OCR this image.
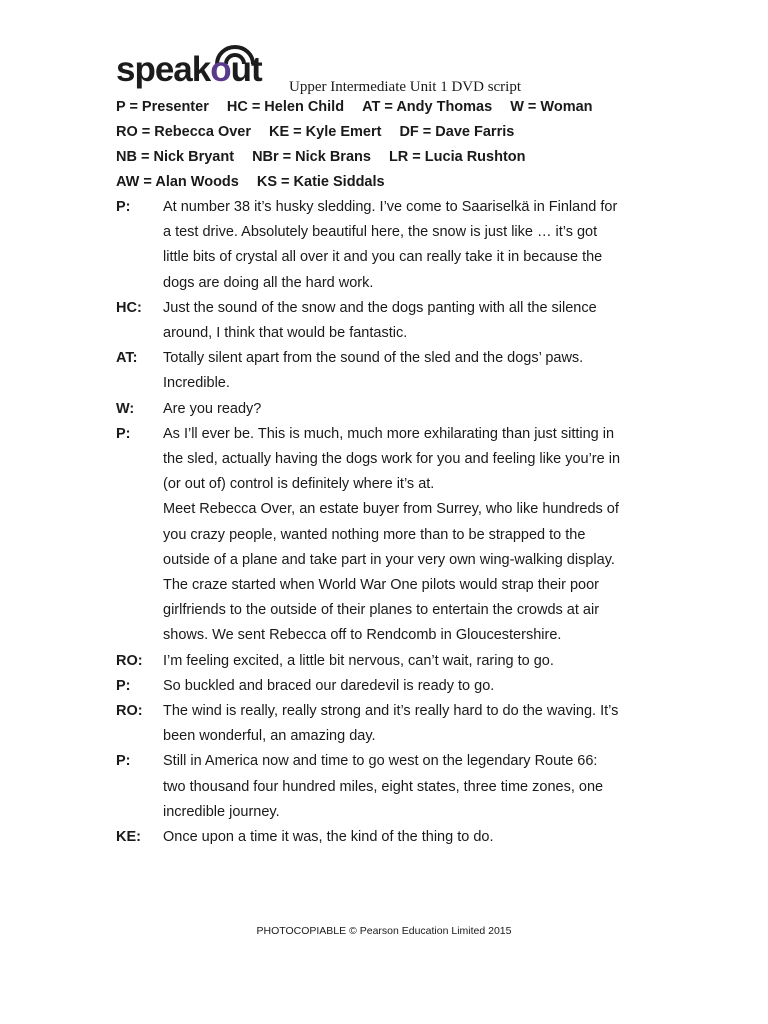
speakout Upper Intermediate Unit 1 DVD script
P = Presenter HC = Helen Child AT = Andy Thomas W = Woman
RO = Rebecca Over KE = Kyle Emert DF = Dave Farris
NB = Nick Bryant NBr = Nick Brans LR = Lucia Rushton
AW = Alan Woods KS = Katie Siddals
P:	At number 38 it’s husky sledding. I’ve come to Saariselkä in Finland for
a test drive. Absolutely beautiful here, the snow is just like … it’s got
little bits of crystal all over it and you can really take it in because the
dogs are doing all the hard work.
HC:	Just the sound of the snow and the dogs panting with all the silence
around, I think that would be fantastic.
AT:	Totally silent apart from the sound of the sled and the dogs’ paws.
Incredible.
W:	Are you ready?
P:	As I’ll ever be. This is much, much more exhilarating than just sitting in
the sled, actually having the dogs work for you and feeling like you’re in
(or out of) control is definitely where it’s at.
Meet Rebecca Over, an estate buyer from Surrey, who like hundreds of
you crazy people, wanted nothing more than to be strapped to the
outside of a plane and take part in your very own wing-walking display.
The craze started when World War One pilots would strap their poor
girlfriends to the outside of their planes to entertain the crowds at air
shows. We sent Rebecca off to Rendcomb in Gloucestershire.
RO:	I’m feeling excited, a little bit nervous, can’t wait, raring to go.
P:	So buckled and braced our daredevil is ready to go.
RO:	The wind is really, really strong and it’s really hard to do the waving. It’s
been wonderful, an amazing day.
P:	Still in America now and time to go west on the legendary Route 66:
two thousand four hundred miles, eight states, three time zones, one
incredible journey.
KE:	Once upon a time it was, the kind of the thing to do.
PHOTOCOPIABLE © Pearson Education Limited 2015
